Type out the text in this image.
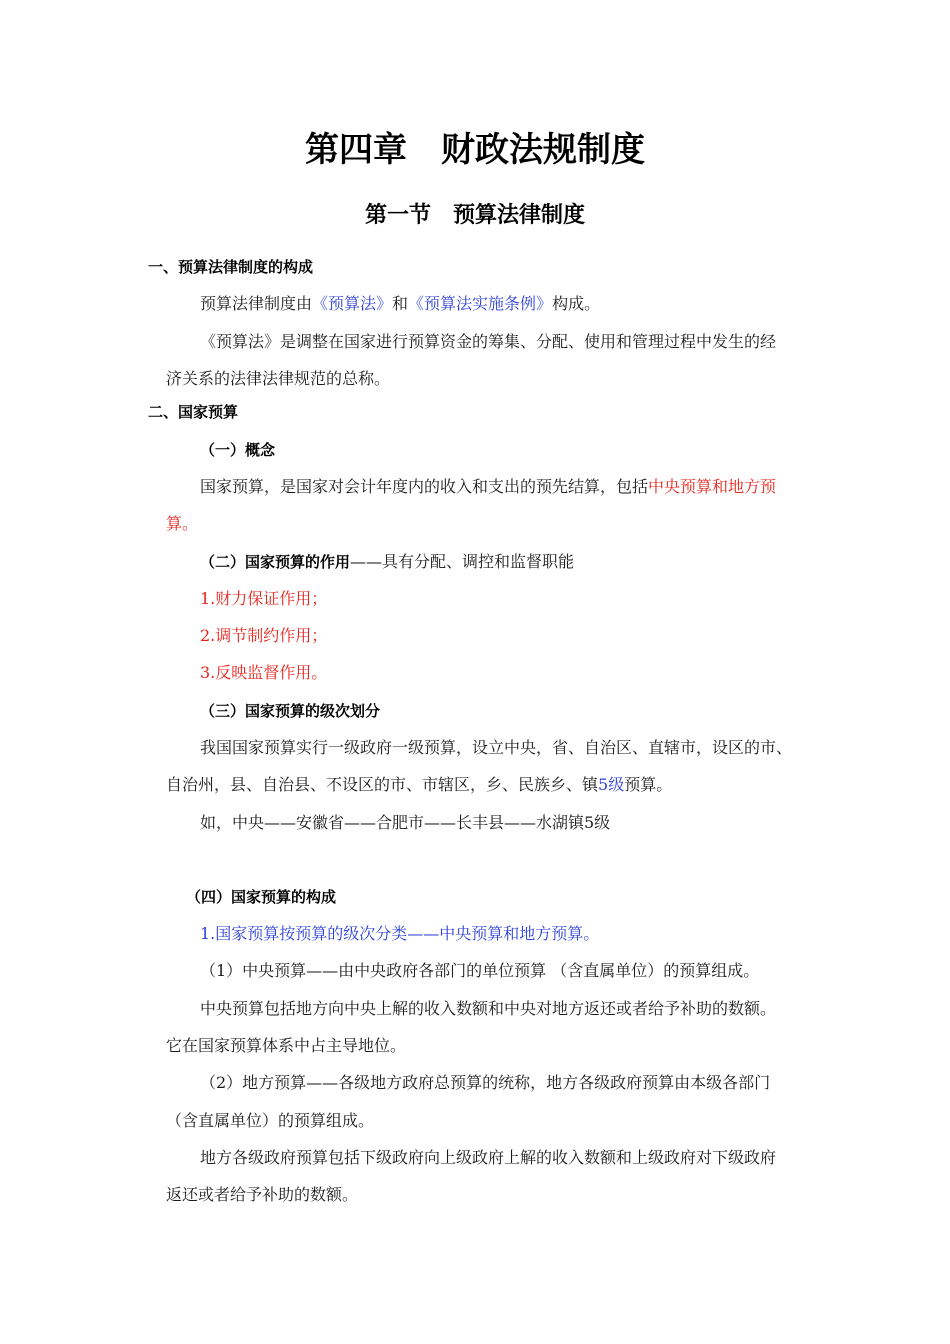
第四章　财政法规制度
第一节　预算法律制度
一、预算法律制度的构成
预算法律制度由《预算法》和《预算法实施条例》构成。
《预算法》是调整在国家进行预算资金的筹集、分配、使用和管理过程中发生的经
济关系的法律法律规范的总称。
二、国家预算
（一）概念
国家预算，是国家对会计年度内的收入和支出的预先结算，包括中央预算和地方预
算。
（二）国家预算的作用——具有分配、调控和监督职能
1.财力保证作用；
2.调节制约作用；
3.反映监督作用。
（三）国家预算的级次划分
我国国家预算实行一级政府一级预算，设立中央，省、自治区、直辖市，设区的市、
自治州，县、自治县、不设区的市、市辖区，乡、民族乡、镇5级预算。
如，中央——安徽省——合肥市——长丰县——水湖镇5级
（四）国家预算的构成
1.国家预算按预算的级次分类——中央预算和地方预算。
（1）中央预算——由中央政府各部门的单位预算 （含直属单位）的预算组成。
中央预算包括地方向中央上解的收入数额和中央对地方返还或者给予补助的数额。
它在国家预算体系中占主导地位。
（2）地方预算——各级地方政府总预算的统称，地方各级政府预算由本级各部门
（含直属单位）的预算组成。
地方各级政府预算包括下级政府向上级政府上解的收入数额和上级政府对下级政府
返还或者给予补助的数额。
